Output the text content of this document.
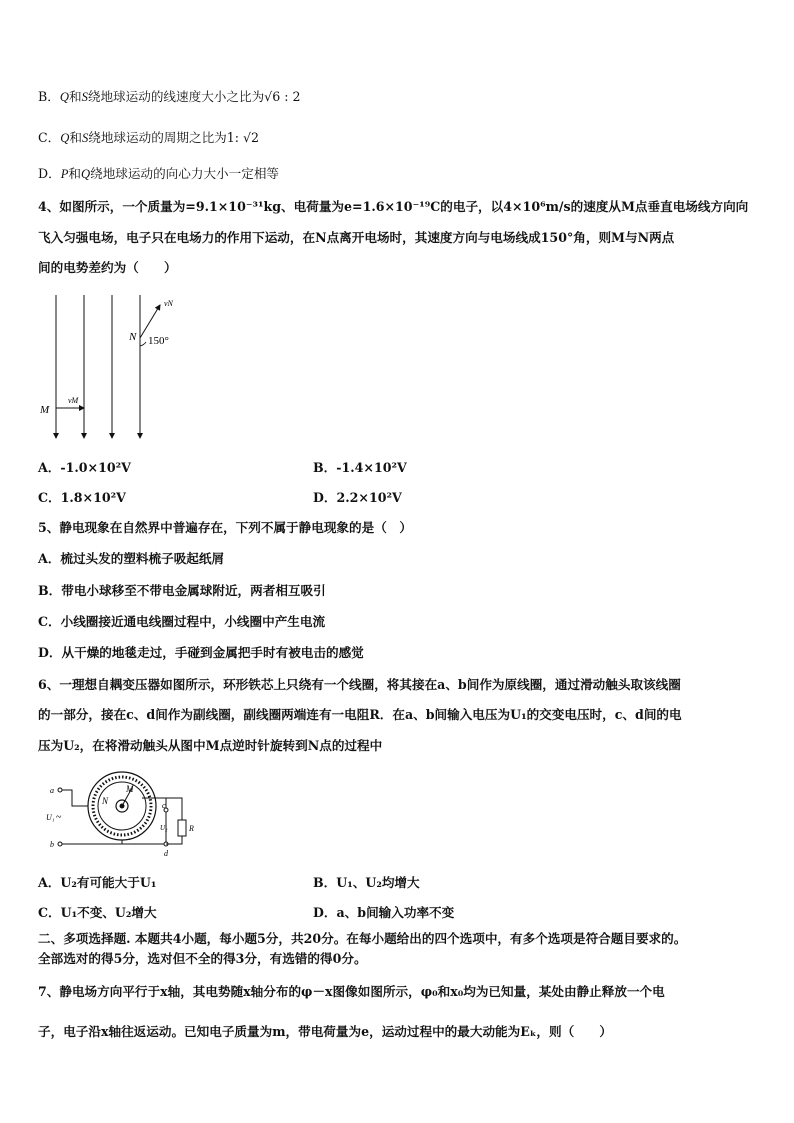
B．Q和S绕地球运动的线速度大小之比为√6 : 2
C．Q和S绕地球运动的周期之比为1: √2
D．P和Q绕地球运动的向心力大小一定相等
4、如图所示，一个质量为=9.1×10⁻³¹kg、电荷量为e=1.6×10⁻¹⁹C的电子，以4×10⁶m/s的速度从M点垂直电场线方向向
飞入匀强电场，电子只在电场力的作用下运动，在N点离开电场时，其速度方向与电场线成150°角，则M与N两点
间的电势差约为（　　）
M
vM
N
vN
150°
A．-1.0×10²V	B．-1.4×10²V
C．1.8×10²V	D．2.2×10²V
5、静电现象在自然界中普遍存在，下列不属于静电现象的是（　）
A．梳过头发的塑料梳子吸起纸屑
B．带电小球移至不带电金属球附近，两者相互吸引
C．小线圈接近通电线圈过程中，小线圈中产生电流
D．从干燥的地毯走过，手碰到金属把手时有被电击的感觉
6、一理想自耦变压器如图所示，环形铁芯上只绕有一个线圈，将其接在a、b间作为原线圈，通过滑动触头取该线圈
的一部分，接在c、d间作为副线圈，副线圈两端连有一电阻R．在a、b间输入电压为U₁的交变电压时，c、d间的电
压为U₂，在将滑动触头从图中M点逆时针旋转到N点的过程中
N
M
a
b
U₁ ~
c
d
U₂	R
A．U₂有可能大于U₁	B．U₁、U₂均增大
C．U₁不变、U₂增大	D．a、b间输入功率不变
二、多项选择题. 本题共4小题，每小题5分，共20分。在每小题给出的四个选项中，有多个选项是符合题目要求的。
全部选对的得5分，选对但不全的得3分，有选错的得0分。
7、静电场方向平行于x轴，其电势随x轴分布的φ－x图像如图所示，φ₀和x₀均为已知量，某处由静止释放一个电
子，电子沿x轴往返运动。已知电子质量为m，带电荷量为e，运动过程中的最大动能为Eₖ，则（　　）
